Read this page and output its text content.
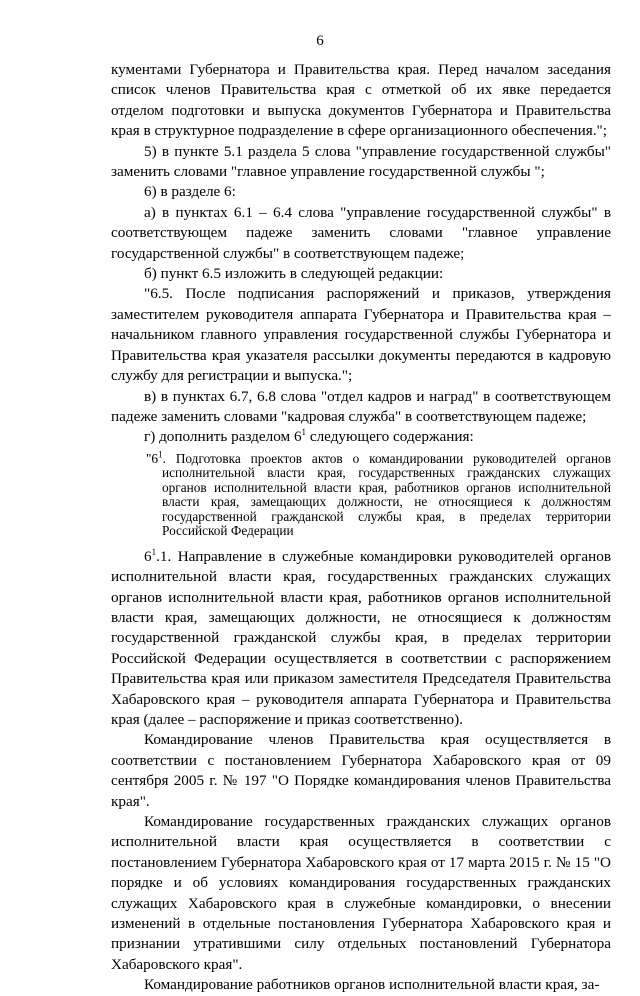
6

кументами Губернатора и Правительства края. Перед началом заседания список членов Правительства края с отметкой об их явке передается отделом подготовки и выпуска документов Губернатора и Правительства края в структурное подразделение в сфере организационного обеспечения.";

5) в пункте 5.1 раздела 5 слова "управление государственной службы" заменить словами "главное управление государственной службы ";

6) в разделе 6:

а) в пунктах 6.1 – 6.4 слова "управление государственной службы" в соответствующем падеже заменить словами "главное управление государственной службы" в соответствующем падеже;

б) пункт 6.5 изложить в следующей редакции:

"6.5. После подписания распоряжений и приказов, утверждения заместителем руководителя аппарата Губернатора и Правительства края – начальником главного управления государственной службы Губернатора и Правительства края указателя рассылки документы передаются в кадровую службу для регистрации и выпуска.";

в) в пунктах 6.7, 6.8 слова "отдел кадров и наград" в соответствующем падеже заменить словами "кадровая служба" в соответствующем падеже;

г) дополнить разделом $6^1$ следующего содержания:

"$6^1$. Подготовка проектов актов о командировании руководителей органов исполнительной власти края, государственных гражданских служащих органов исполнительной власти края, работников органов исполнительной власти края, замещающих должности, не относящиеся к должностям государственной гражданской службы края, в пределах территории Российской Федерации

$6^1.1$. Направление в служебные командировки руководителей органов исполнительной власти края, государственных гражданских служащих органов исполнительной власти края, работников органов исполнительной власти края, замещающих должности, не относящиеся к должностям государственной гражданской службы края, в пределах территории Российской Федерации осуществляется в соответствии с распоряжением Правительства края или приказом заместителя Председателя Правительства Хабаровского края – руководителя аппарата Губернатора и Правительства края (далее – распоряжение и приказ соответственно).

Командирование членов Правительства края осуществляется в соответствии с постановлением Губернатора Хабаровского края от 09 сентября 2005 г. № 197 "О Порядке командирования членов Правительства края".

Командирование государственных гражданских служащих органов исполнительной власти края осуществляется в соответствии с постановлением Губернатора Хабаровского края от 17 марта 2015 г. № 15 "О порядке и об условиях командирования государственных гражданских служащих Хабаровского края в служебные командировки, о внесении изменений в отдельные постановления Губернатора Хабаровского края и признании утратившими силу отдельных постановлений Губернатора Хабаровского края".

Командирование работников органов исполнительной власти края, за-
